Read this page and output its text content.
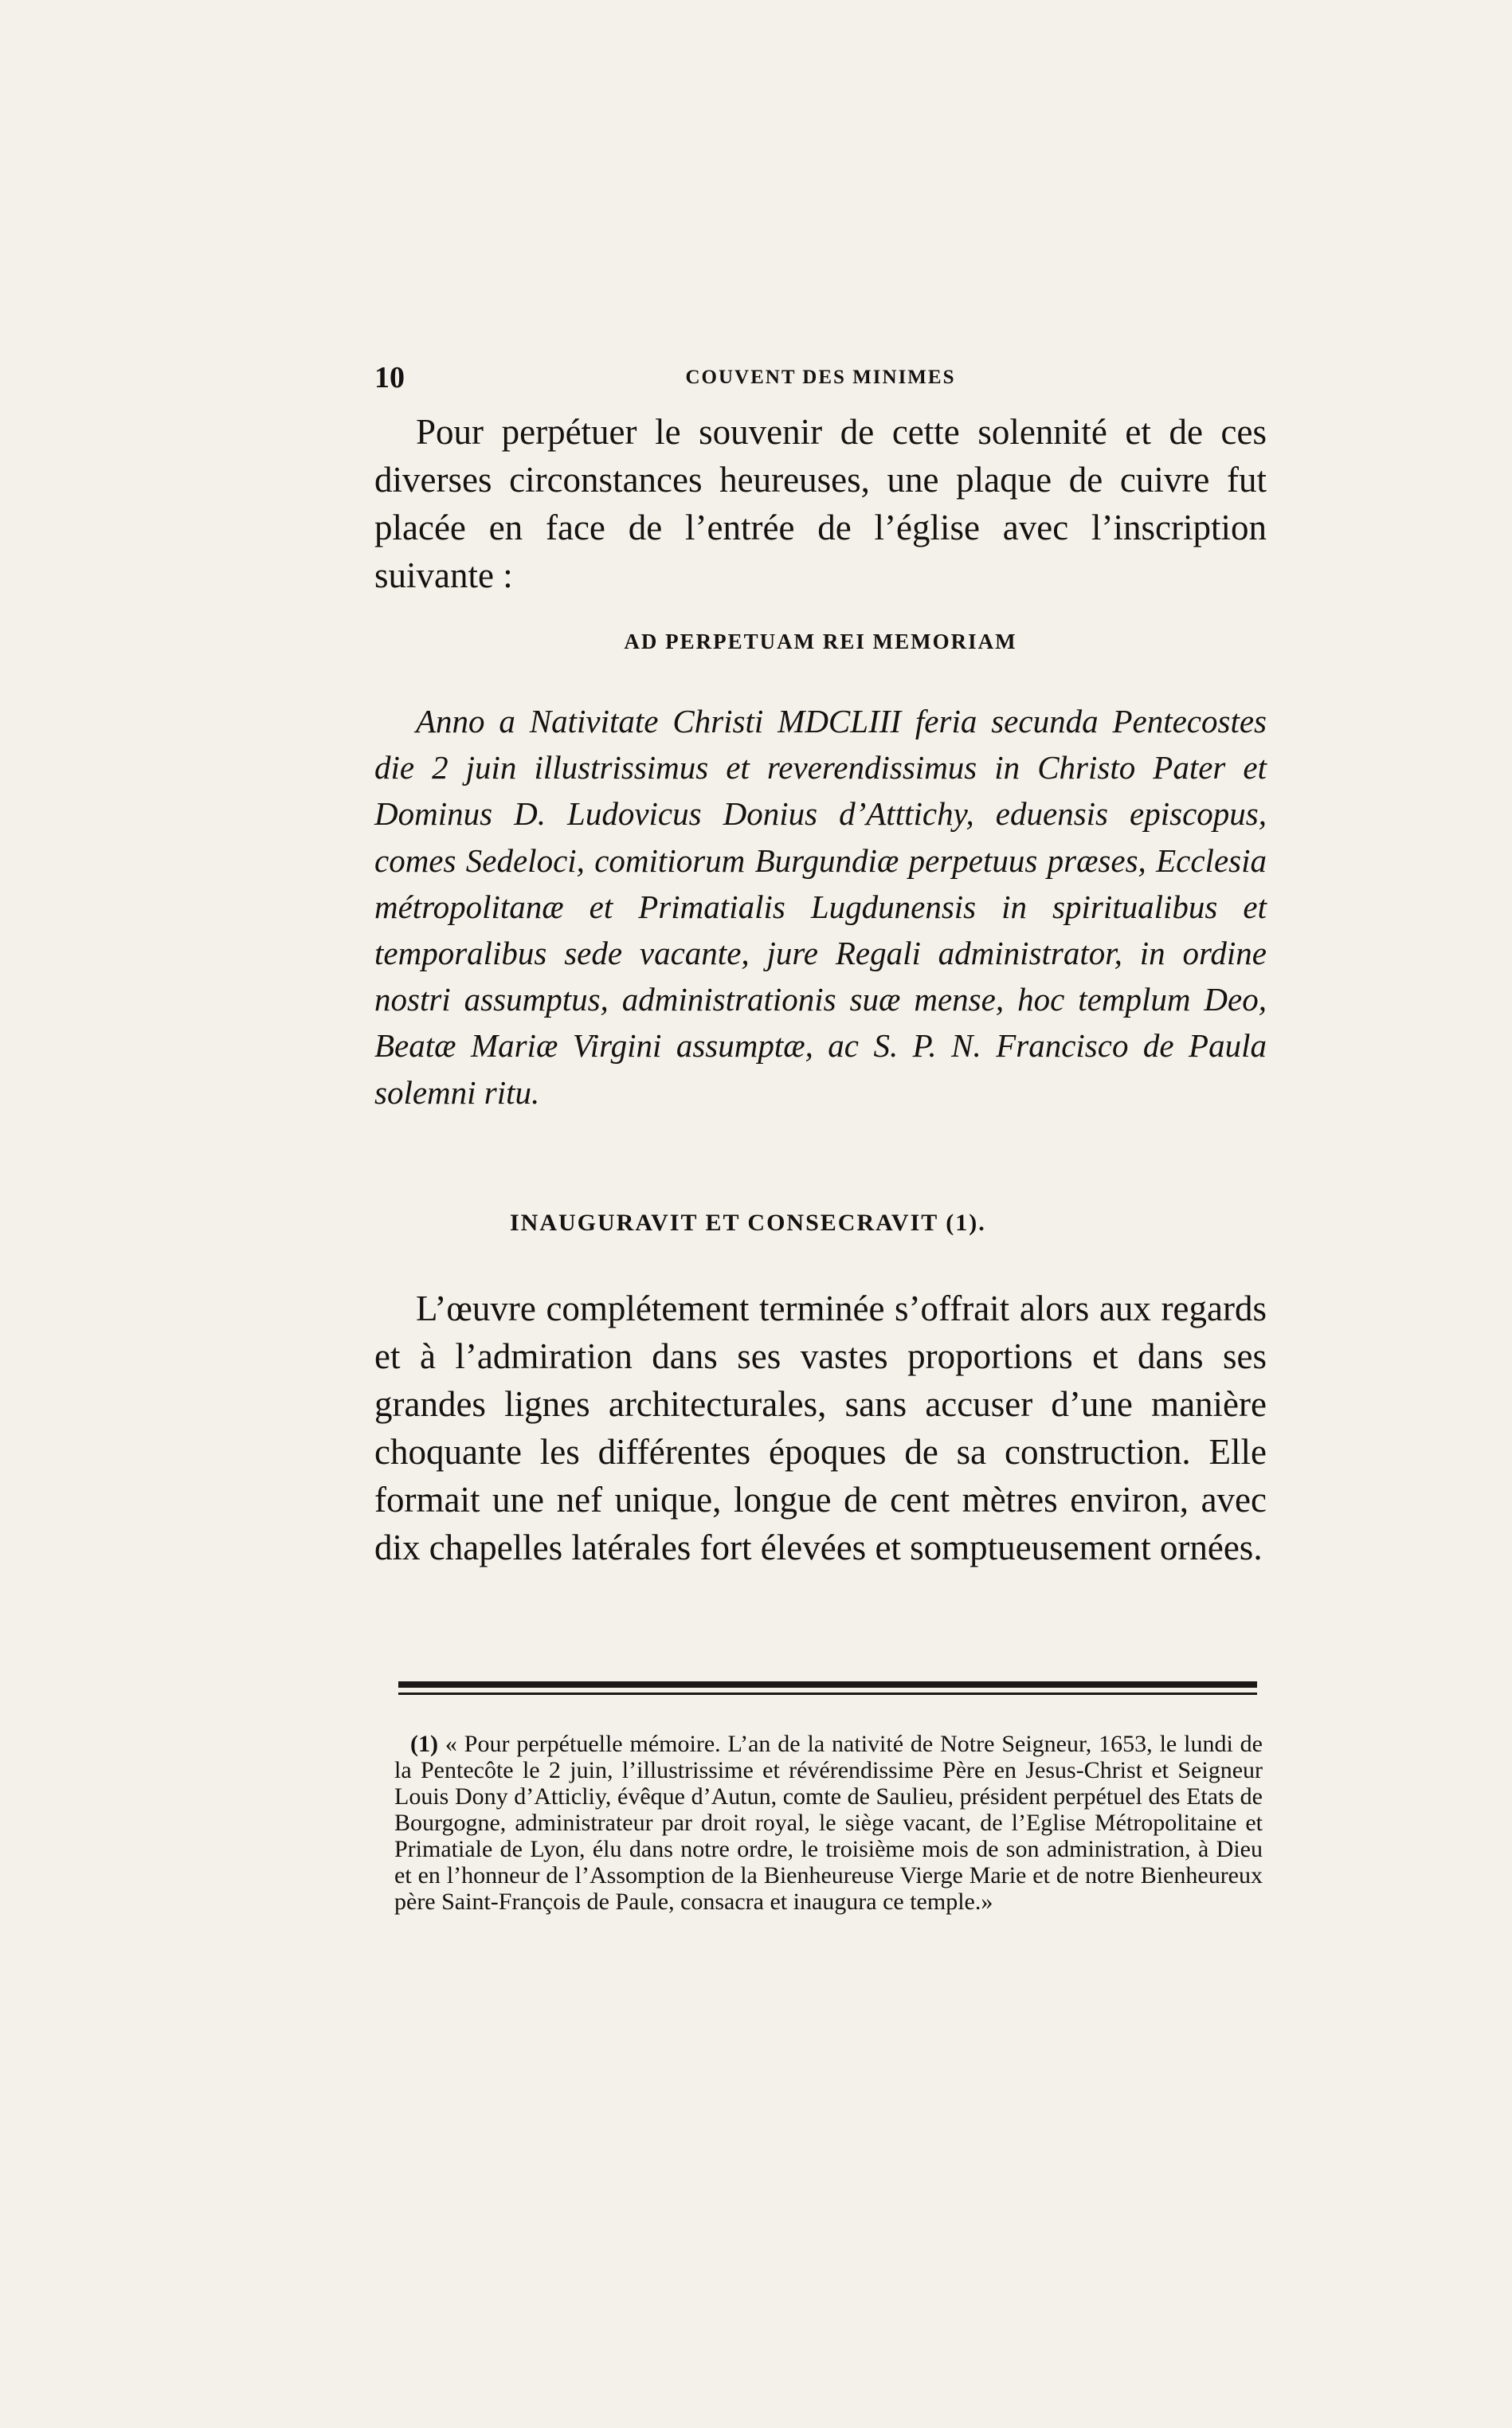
10	COUVENT DES MINIMES

Pour perpétuer le souvenir de cette solennité et de ces diverses circonstances heureuses, une plaque de cuivre fut placée en face de l’entrée de l’église avec l’inscription suivante :

AD PERPETUAM REI MEMORIAM

Anno a Nativitate Christi MDCLIII feria secunda Pentecostes die 2 juin illustrissimus et reverendissimus in Christo Pater et Dominus D. Ludovicus Donius d’Atttichy, eduensis episcopus, comes Sedeloci, comitiorum Burgundiæ perpetuus præses, Ecclesia métropolitanæ et Primatialis Lugdunensis in spiritualibus et temporalibus sede vacante, jure Regali administrator, in ordine nostri assumptus, administrationis suæ mense, hoc templum Deo, Beatæ Mariæ Virgini assumptæ, ac S. P. N. Francisco de Paula solemni ritu.

INAUGURAVIT ET CONSECRAVIT (1).

L’œuvre complétement terminée s’offrait alors aux regards et à l’admiration dans ses vastes proportions et dans ses grandes lignes architecturales, sans accuser d’une manière choquante les différentes époques de sa construction. Elle formait une nef unique, longue de cent mètres environ, avec dix chapelles latérales fort élevées et somptueusement ornées.

(1) « Pour perpétuelle mémoire. L’an de la nativité de Notre Seigneur, 1653, le lundi de la Pentecôte le 2 juin, l’illustrissime et révérendissime Père en Jesus-Christ et Seigneur Louis Dony d’Atticliy, évêque d’Autun, comte de Saulieu, président perpétuel des Etats de Bourgogne, administrateur par droit royal, le siège vacant, de l’Eglise Métropolitaine et Primatiale de Lyon, élu dans notre ordre, le troisième mois de son administration, à Dieu et en l’honneur de l’Assomption de la Bienheureuse Vierge Marie et de notre Bienheureux père Saint-François de Paule, consacra et inaugura ce temple.»
